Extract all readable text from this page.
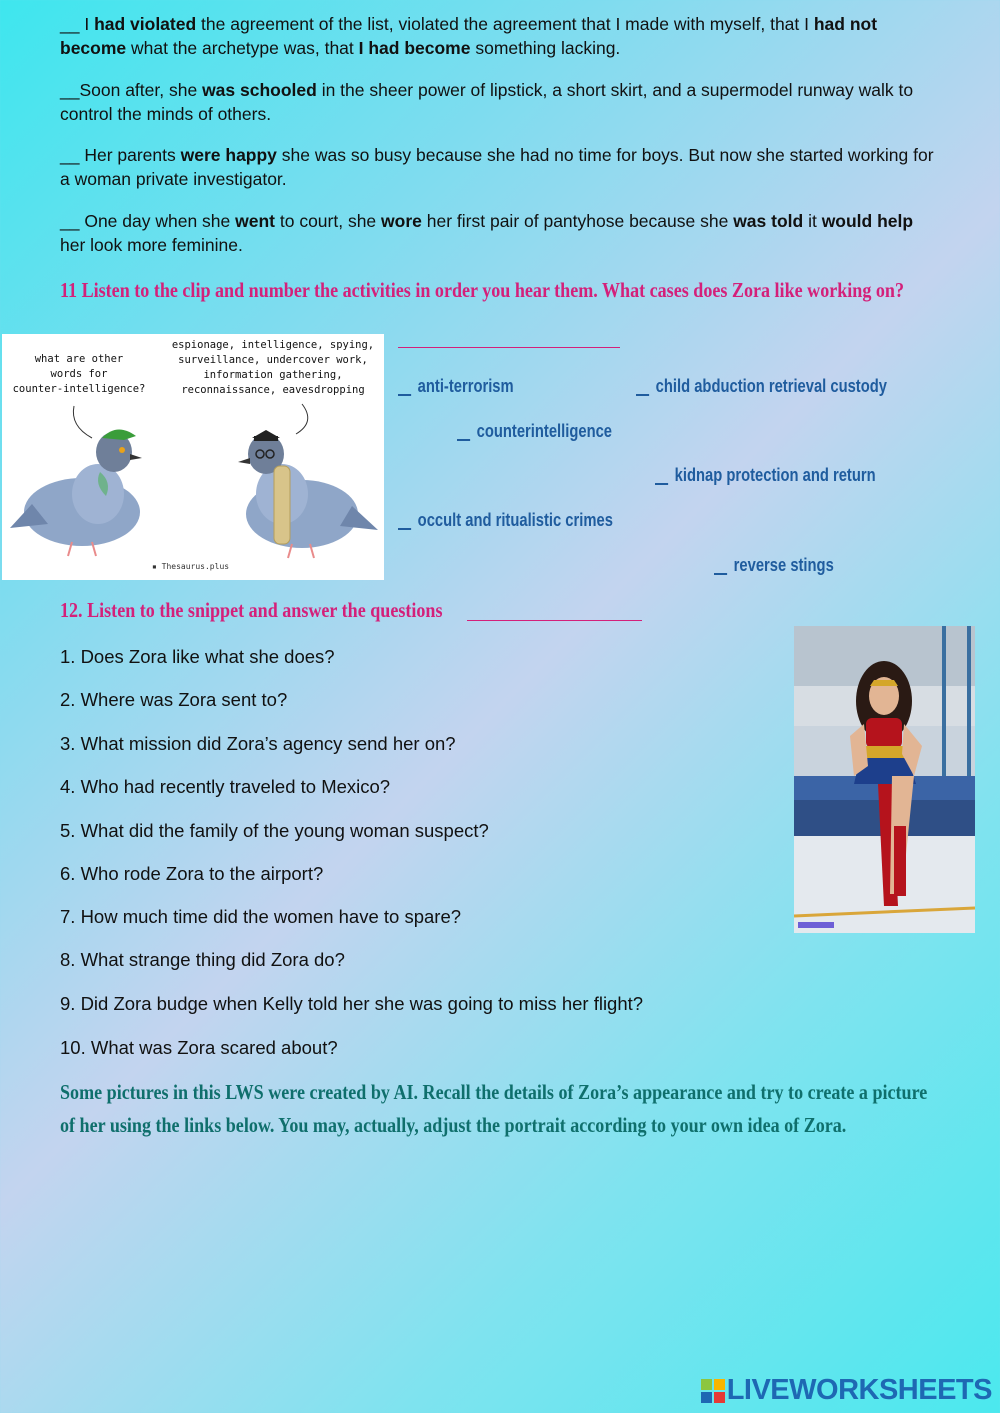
__ I had violated the agreement of the list, violated the agreement that I made with myself, that I had not become what the archetype was, that I had become something lacking.
__Soon after, she was schooled in the sheer power of lipstick, a short skirt, and a supermodel runway walk to control the minds of others.
__ Her parents were happy she was so busy because she had no time for boys. But now she started working for a woman private investigator.
__ One day when she went to court, she wore her first pair of pantyhose because she was told it would help her look more feminine.
11 Listen to the clip and number the activities in order you hear them. What cases does Zora like working on?
what are other
words for
counter-intelligence?
espionage, intelligence, spying,
surveillance, undercover work,
information gathering,
reconnaissance, eavesdropping
▪ Thesaurus.plus
anti-terrorism	child abduction retrieval custody
counterintelligence
kidnap protection and return
occult and ritualistic crimes
reverse stings
12. Listen to the snippet and answer the questions
1. Does Zora like what she does?
2. Where was Zora sent to?
3. What mission did Zora’s agency send her on?
4. Who had recently traveled to Mexico?
5. What did the family of the young woman suspect?
6. Who rode Zora to the airport?
7. How much time did the women have to spare?
8. What strange thing did Zora do?
9. Did Zora budge when Kelly told her she was going to miss her flight?
10. What was Zora scared about?
Some pictures in this LWS were created by AI. Recall the details of Zora’s appearance and try to create a picture of her using the links below. You may, actually, adjust the portrait according to your own idea of Zora.
LIVEWORKSHEETS
